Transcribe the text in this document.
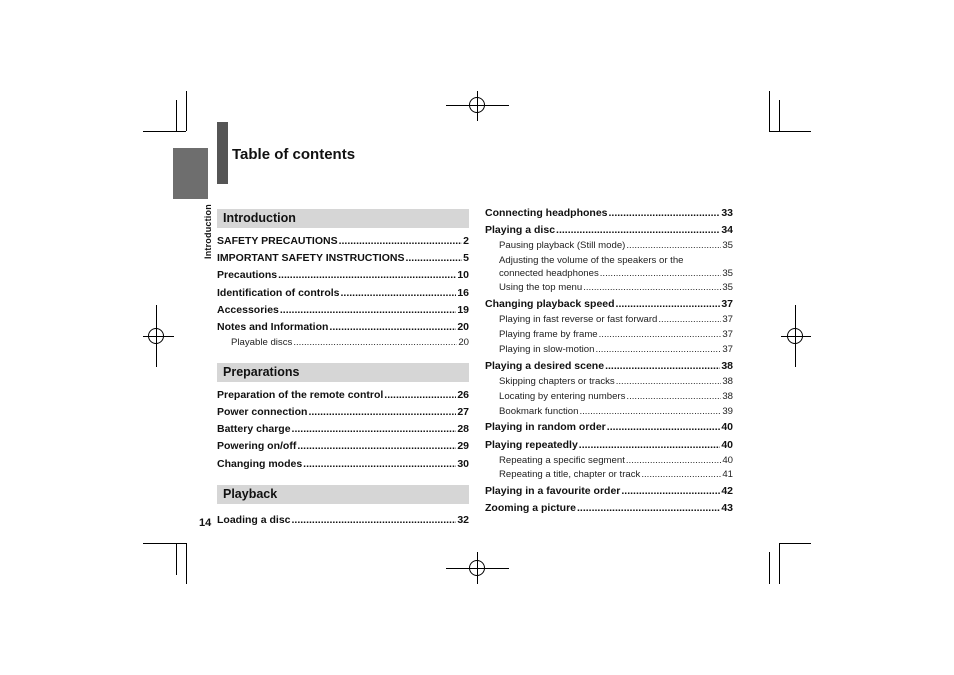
Introduction
Table of contents
14
Introduction
SAFETY PRECAUTIONS .....	2
IMPORTANT SAFETY INSTRUCTIONS .....	5
Precautions .....	10
Identification of controls .....	16
Accessories .....	19
Notes and Information .....	20
Playable discs .....	20
Preparations
Preparation of the remote control .....	26
Power connection .....	27
Battery charge .....	28
Powering on/off .....	29
Changing modes .....	30
Playback
Loading a disc .....	32
Connecting headphones .....	33
Playing a disc .....	34
Pausing playback (Still mode) .....	35
Adjusting the volume of the speakers or the
connected headphones .....	35
Using the top menu .....	35
Changing playback speed .....	37
Playing in fast reverse or fast forward .....	37
Playing frame by frame .....	37
Playing in slow-motion .....	37
Playing a desired scene .....	38
Skipping chapters or tracks .....	38
Locating by entering numbers .....	38
Bookmark function .....	39
Playing in random order .....	40
Playing repeatedly .....	40
Repeating a specific segment .....	40
Repeating a title, chapter or track .....	41
Playing in a favourite order .....	42
Zooming a picture .....	43
